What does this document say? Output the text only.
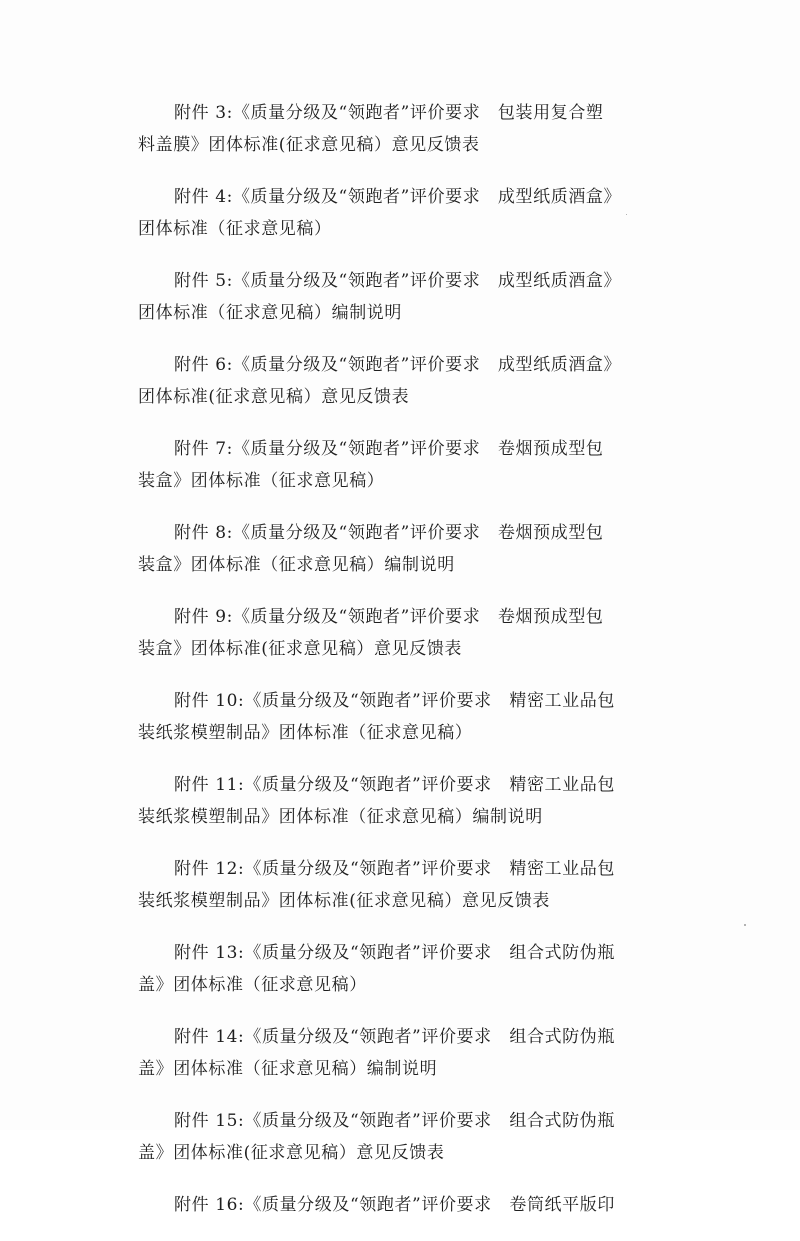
附件 3:《质量分级及“领跑者”评价要求　包装用复合塑
料盖膜》团体标准(征求意见稿）意见反馈表

附件 4:《质量分级及“领跑者”评价要求　成型纸质酒盒》
团体标准（征求意见稿）

附件 5:《质量分级及“领跑者”评价要求　成型纸质酒盒》
团体标准（征求意见稿）编制说明

附件 6:《质量分级及“领跑者”评价要求　成型纸质酒盒》
团体标准(征求意见稿）意见反馈表

附件 7:《质量分级及“领跑者”评价要求　卷烟预成型包
装盒》团体标准（征求意见稿）

附件 8:《质量分级及“领跑者”评价要求　卷烟预成型包
装盒》团体标准（征求意见稿）编制说明

附件 9:《质量分级及“领跑者”评价要求　卷烟预成型包
装盒》团体标准(征求意见稿）意见反馈表

附件 10:《质量分级及“领跑者”评价要求　精密工业品包
装纸浆模塑制品》团体标准（征求意见稿）

附件 11:《质量分级及“领跑者”评价要求　精密工业品包
装纸浆模塑制品》团体标准（征求意见稿）编制说明

附件 12:《质量分级及“领跑者”评价要求　精密工业品包
装纸浆模塑制品》团体标准(征求意见稿）意见反馈表

附件 13:《质量分级及“领跑者”评价要求　组合式防伪瓶
盖》团体标准（征求意见稿）

附件 14:《质量分级及“领跑者”评价要求　组合式防伪瓶
盖》团体标准（征求意见稿）编制说明

附件 15:《质量分级及“领跑者”评价要求　组合式防伪瓶
盖》团体标准(征求意见稿）意见反馈表

附件 16:《质量分级及“领跑者”评价要求　卷筒纸平版印
